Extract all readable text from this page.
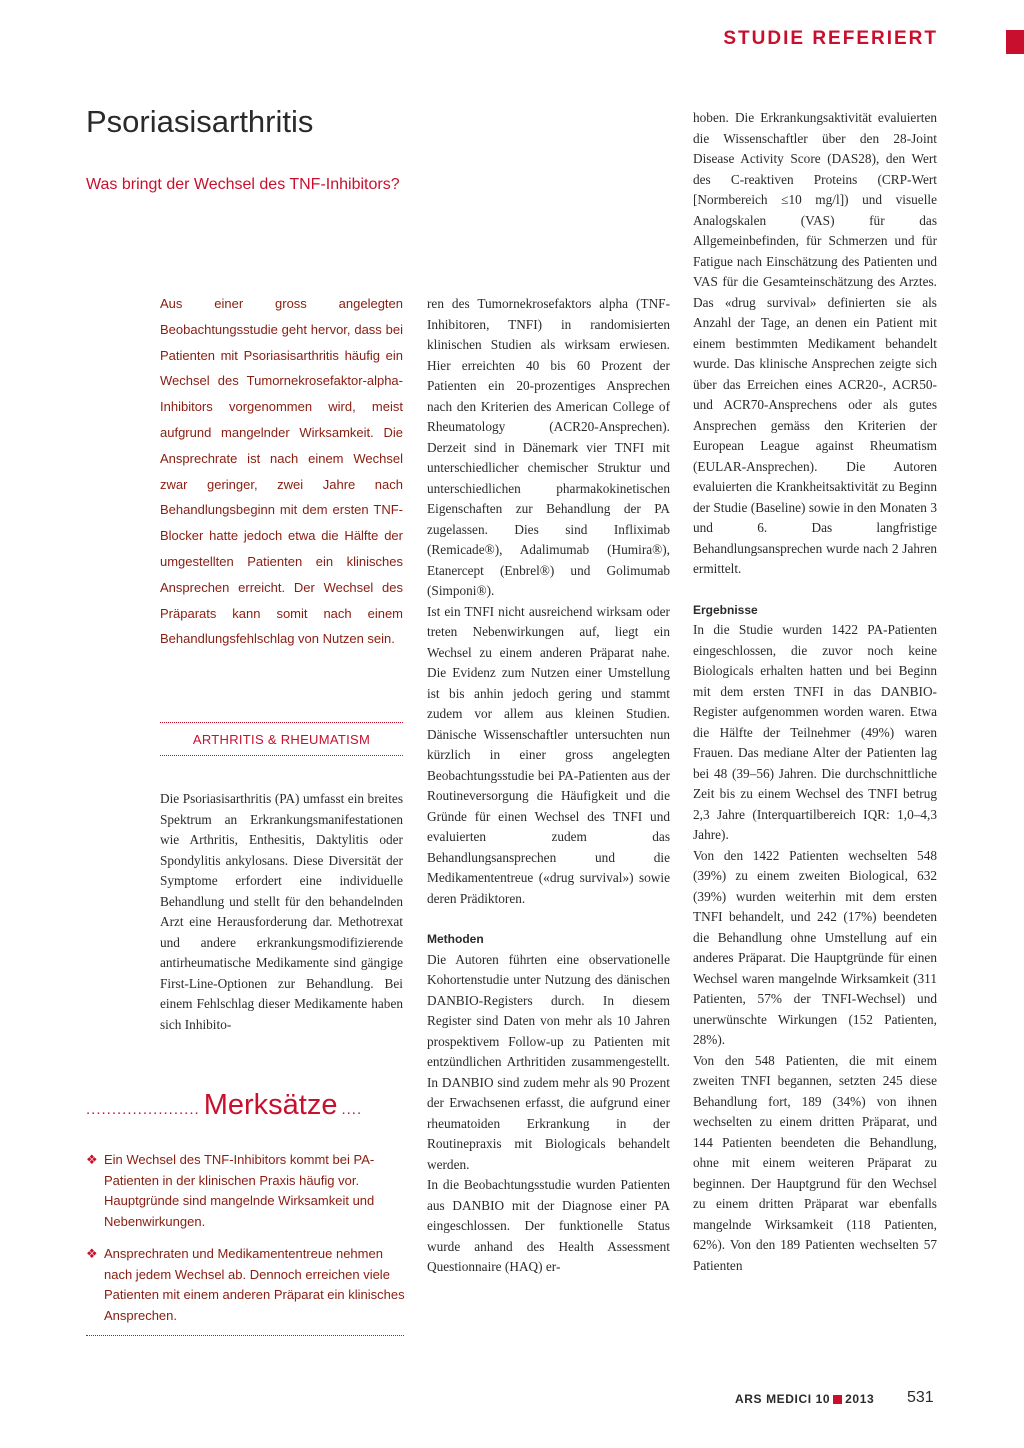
STUDIE REFERIERT
Psoriasisarthritis
Was bringt der Wechsel des TNF-Inhibitors?

Aus einer gross angelegten Beobachtungsstudie geht hervor, dass bei Patienten mit Psoriasisarthritis häufig ein Wechsel des Tumornekrosefaktor-alpha-Inhibitors vorgenommen wird, meist aufgrund mangelnder Wirksamkeit. Die Ansprechrate ist nach einem Wechsel zwar geringer, zwei Jahre nach Behandlungsbeginn mit dem ersten TNF-Blocker hatte jedoch etwa die Hälfte der umgestellten Patienten ein klinisches Ansprechen erreicht. Der Wechsel des Präparats kann somit nach einem Behandlungsfehlschlag von Nutzen sein.

ARTHRITIS & RHEUMATISM

Die Psoriasisarthritis (PA) umfasst ein breites Spektrum an Erkrankungsmanifestationen wie Arthritis, Enthesitis, Daktylitis oder Spondylitis ankylosans. Diese Diversität der Symptome erfordert eine individuelle Behandlung und stellt für den behandelnden Arzt eine Herausforderung dar. Methotrexat und andere erkrankungsmodifizierende antirheumatische Medikamente sind gängige First-Line-Optionen zur Behandlung. Bei einem Fehlschlag dieser Medikamente haben sich Inhibito-

...................... Merksätze ....
❖ Ein Wechsel des TNF-Inhibitors kommt bei PA-Patienten in der klinischen Praxis häufig vor. Hauptgründe sind mangelnde Wirksamkeit und Nebenwirkungen.
❖ Ansprechraten und Medikamententreue nehmen nach jedem Wechsel ab. Dennoch erreichen viele Patienten mit einem anderen Präparat ein klinisches Ansprechen.

ren des Tumornekrosefaktors alpha (TNF-Inhibitoren, TNFI) in randomisierten klinischen Studien als wirksam erwiesen. Hier erreichten 40 bis 60 Prozent der Patienten ein 20-prozentiges Ansprechen nach den Kriterien des American College of Rheumatology (ACR20-Ansprechen). Derzeit sind in Dänemark vier TNFI mit unterschiedlicher chemischer Struktur und unterschiedlichen pharmakokinetischen Eigenschaften zur Behandlung der PA zugelassen. Dies sind Infliximab (Remicade®), Adalimumab (Humira®), Etanercept (Enbrel®) und Golimumab (Simponi®).

Ist ein TNFI nicht ausreichend wirksam oder treten Nebenwirkungen auf, liegt ein Wechsel zu einem anderen Präparat nahe. Die Evidenz zum Nutzen einer Umstellung ist bis anhin jedoch gering und stammt zudem vor allem aus kleinen Studien. Dänische Wissenschaftler untersuchten nun kürzlich in einer gross angelegten Beobachtungsstudie bei PA-Patienten aus der Routineversorgung die Häufigkeit und die Gründe für einen Wechsel des TNFI und evaluierten zudem das Behandlungsansprechen und die Medikamententreue («drug survival») sowie deren Prädiktoren.

Methoden

Die Autoren führten eine observationelle Kohortenstudie unter Nutzung des dänischen DANBIO-Registers durch. In diesem Register sind Daten von mehr als 10 Jahren prospektivem Follow-up zu Patienten mit entzündlichen Arthritiden zusammengestellt. In DANBIO sind zudem mehr als 90 Prozent der Erwachsenen erfasst, die aufgrund einer rheumatoiden Erkrankung in der Routinepraxis mit Biologicals behandelt werden.

In die Beobachtungsstudie wurden Patienten aus DANBIO mit der Diagnose einer PA eingeschlossen. Der funktionelle Status wurde anhand des Health Assessment Questionnaire (HAQ) er-

hoben. Die Erkrankungsaktivität evaluierten die Wissenschaftler über den 28-Joint Disease Activity Score (DAS28), den Wert des C-reaktiven Proteins (CRP-Wert [Normbereich ≤10 mg/l]) und visuelle Analogskalen (VAS) für das Allgemeinbefinden, für Schmerzen und für Fatigue nach Einschätzung des Patienten und VAS für die Gesamteinschätzung des Arztes. Das «drug survival» definierten sie als Anzahl der Tage, an denen ein Patient mit einem bestimmten Medikament behandelt wurde. Das klinische Ansprechen zeigte sich über das Erreichen eines ACR20-, ACR50- und ACR70-Ansprechens oder als gutes Ansprechen gemäss den Kriterien der European League against Rheumatism (EULAR-Ansprechen). Die Autoren evaluierten die Krankheitsaktivität zu Beginn der Studie (Baseline) sowie in den Monaten 3 und 6. Das langfristige Behandlungsansprechen wurde nach 2 Jahren ermittelt.

Ergebnisse

In die Studie wurden 1422 PA-Patienten eingeschlossen, die zuvor noch keine Biologicals erhalten hatten und bei Beginn mit dem ersten TNFI in das DANBIO-Register aufgenommen worden waren. Etwa die Hälfte der Teilnehmer (49%) waren Frauen. Das mediane Alter der Patienten lag bei 48 (39–56) Jahren. Die durchschnittliche Zeit bis zu einem Wechsel des TNFI betrug 2,3 Jahre (Interquartilbereich IQR: 1,0–4,3 Jahre).

Von den 1422 Patienten wechselten 548 (39%) zu einem zweiten Biological, 632 (39%) wurden weiterhin mit dem ersten TNFI behandelt, und 242 (17%) beendeten die Behandlung ohne Umstellung auf ein anderes Präparat. Die Hauptgründe für einen Wechsel waren mangelnde Wirksamkeit (311 Patienten, 57% der TNFI-Wechsel) und unerwünschte Wirkungen (152 Patienten, 28%).

Von den 548 Patienten, die mit einem zweiten TNFI begannen, setzten 245 diese Behandlung fort, 189 (34%) von ihnen wechselten zu einem dritten Präparat, und 144 Patienten beendeten die Behandlung, ohne mit einem weiteren Präparat zu beginnen. Der Hauptgrund für den Wechsel zu einem dritten Präparat war ebenfalls mangelnde Wirksamkeit (118 Patienten, 62%). Von den 189 Patienten wechselten 57 Patienten

ARS MEDICI 10 2013 531
